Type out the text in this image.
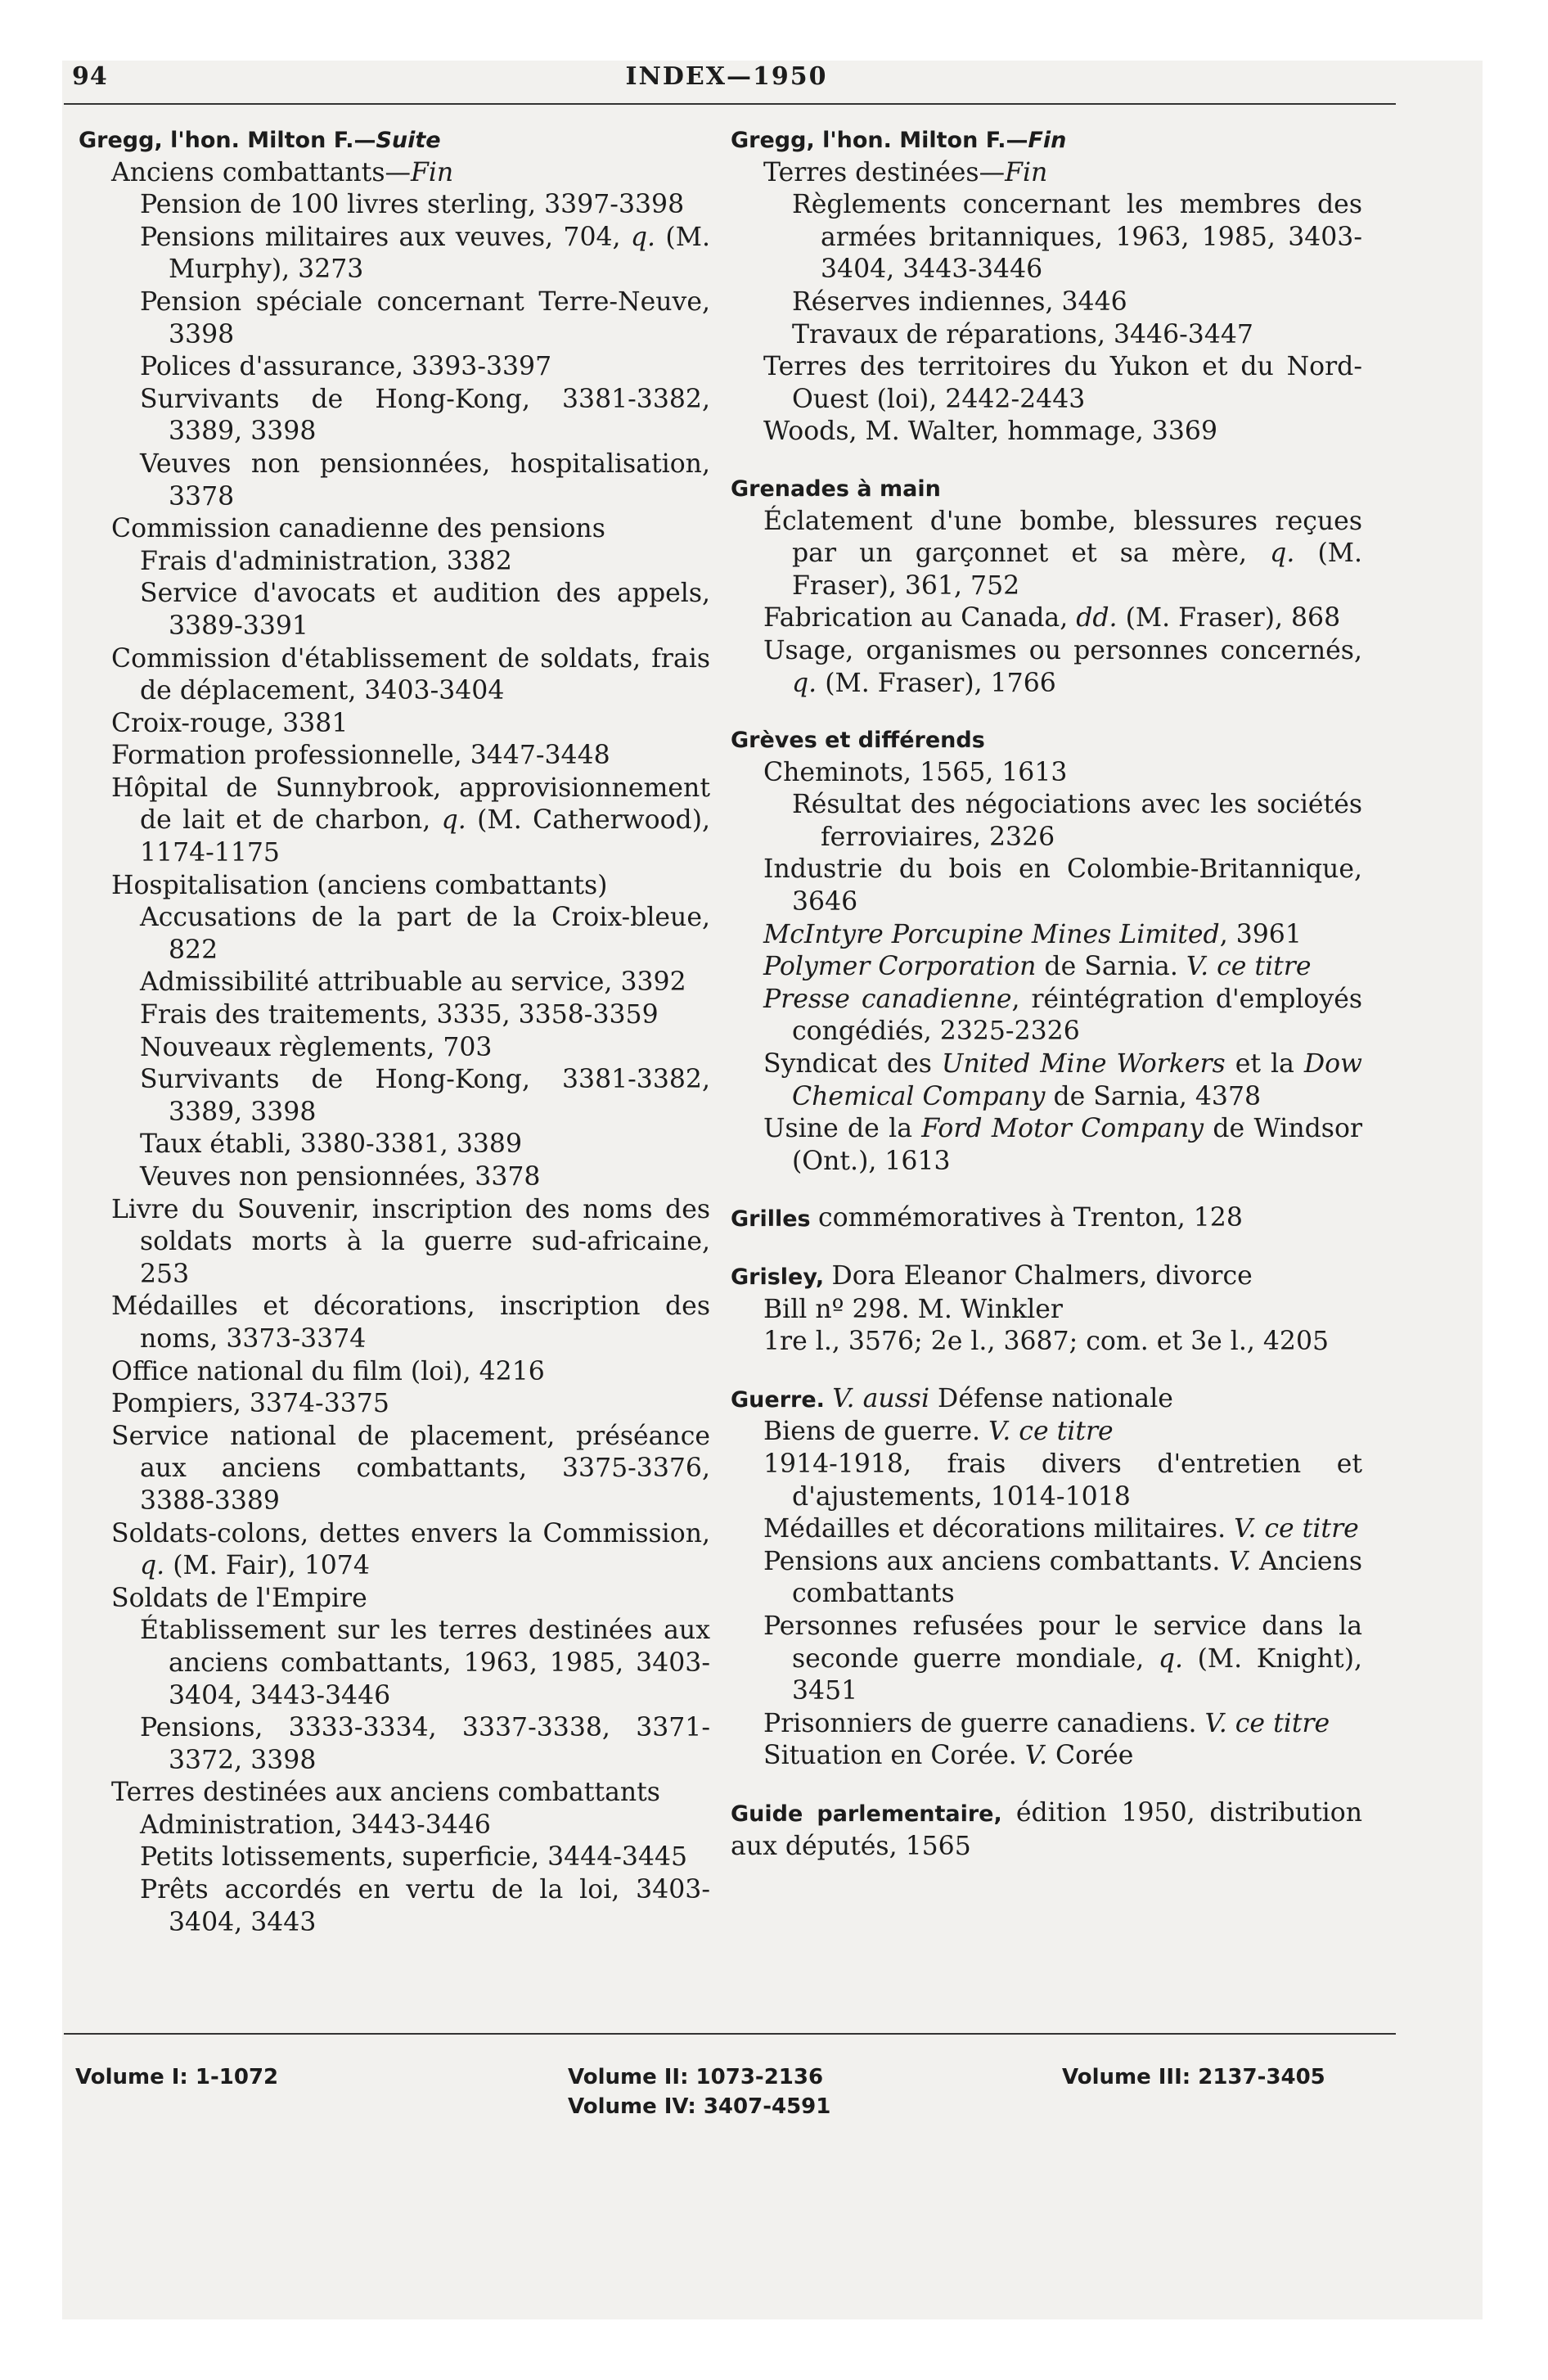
94	INDEX—1950

Gregg, l'hon. Milton F.—Suite

Anciens combattants—Fin

Pension de 100 livres sterling, 3397-3398

Pensions militaires aux veuves, 704, q. (M. Murphy), 3273

Pension spéciale concernant Terre-Neuve, 3398

Polices d'assurance, 3393-3397

Survivants de Hong-Kong, 3381-3382, 3389, 3398

Veuves non pensionnées, hospitalisation, 3378

Commission canadienne des pensions

Frais d'administration, 3382

Service d'avocats et audition des appels, 3389-3391

Commission d'établissement de soldats, frais de déplacement, 3403-3404

Croix-rouge, 3381

Formation professionnelle, 3447-3448

Hôpital de Sunnybrook, approvisionnement de lait et de charbon, q. (M. Catherwood), 1174-1175

Hospitalisation (anciens combattants)

Accusations de la part de la Croix-bleue, 822

Admissibilité attribuable au service, 3392

Frais des traitements, 3335, 3358-3359

Nouveaux règlements, 703

Survivants de Hong-Kong, 3381-3382, 3389, 3398

Taux établi, 3380-3381, 3389

Veuves non pensionnées, 3378

Livre du Souvenir, inscription des noms des soldats morts à la guerre sud-africaine, 253

Médailles et décorations, inscription des noms, 3373-3374

Office national du film (loi), 4216

Pompiers, 3374-3375

Service national de placement, préséance aux anciens combattants, 3375-3376, 3388-3389

Soldats-colons, dettes envers la Commission, q. (M. Fair), 1074

Soldats de l'Empire

Établissement sur les terres destinées aux anciens combattants, 1963, 1985, 3403-3404, 3443-3446

Pensions, 3333-3334, 3337-3338, 3371-3372, 3398

Terres destinées aux anciens combattants

Administration, 3443-3446

Petits lotissements, superficie, 3444-3445

Prêts accordés en vertu de la loi, 3403-3404, 3443

Gregg, l'hon. Milton F.—Fin

Terres destinées—Fin

Règlements concernant les membres des armées britanniques, 1963, 1985, 3403-3404, 3443-3446

Réserves indiennes, 3446

Travaux de réparations, 3446-3447

Terres des territoires du Yukon et du Nord-Ouest (loi), 2442-2443

Woods, M. Walter, hommage, 3369

Grenades à main

Éclatement d'une bombe, blessures reçues par un garçonnet et sa mère, q. (M. Fraser), 361, 752

Fabrication au Canada, dd. (M. Fraser), 868

Usage, organismes ou personnes concernés, q. (M. Fraser), 1766

Grèves et différends

Cheminots, 1565, 1613

Résultat des négociations avec les sociétés ferroviaires, 2326

Industrie du bois en Colombie-Britannique, 3646

McIntyre Porcupine Mines Limited, 3961

Polymer Corporation de Sarnia. V. ce titre

Presse canadienne, réintégration d'employés congédiés, 2325-2326

Syndicat des United Mine Workers et la Dow Chemical Company de Sarnia, 4378

Usine de la Ford Motor Company de Windsor (Ont.), 1613

Grilles commémoratives à Trenton, 128

Grisley, Dora Eleanor Chalmers, divorce

Bill nº 298. M. Winkler

1re l., 3576; 2e l., 3687; com. et 3e l., 4205

Guerre. V. aussi Défense nationale

Biens de guerre. V. ce titre

1914-1918, frais divers d'entretien et d'ajustements, 1014-1018

Médailles et décorations militaires. V. ce titre

Pensions aux anciens combattants. V. Anciens combattants

Personnes refusées pour le service dans la seconde guerre mondiale, q. (M. Knight), 3451

Prisonniers de guerre canadiens. V. ce titre

Situation en Corée. V. Corée

Guide parlementaire, édition 1950, distribution aux députés, 1565

Volume I: 1-1072	Volume II: 1073-2136
Volume IV: 3407-4591
Volume III: 2137-3405
